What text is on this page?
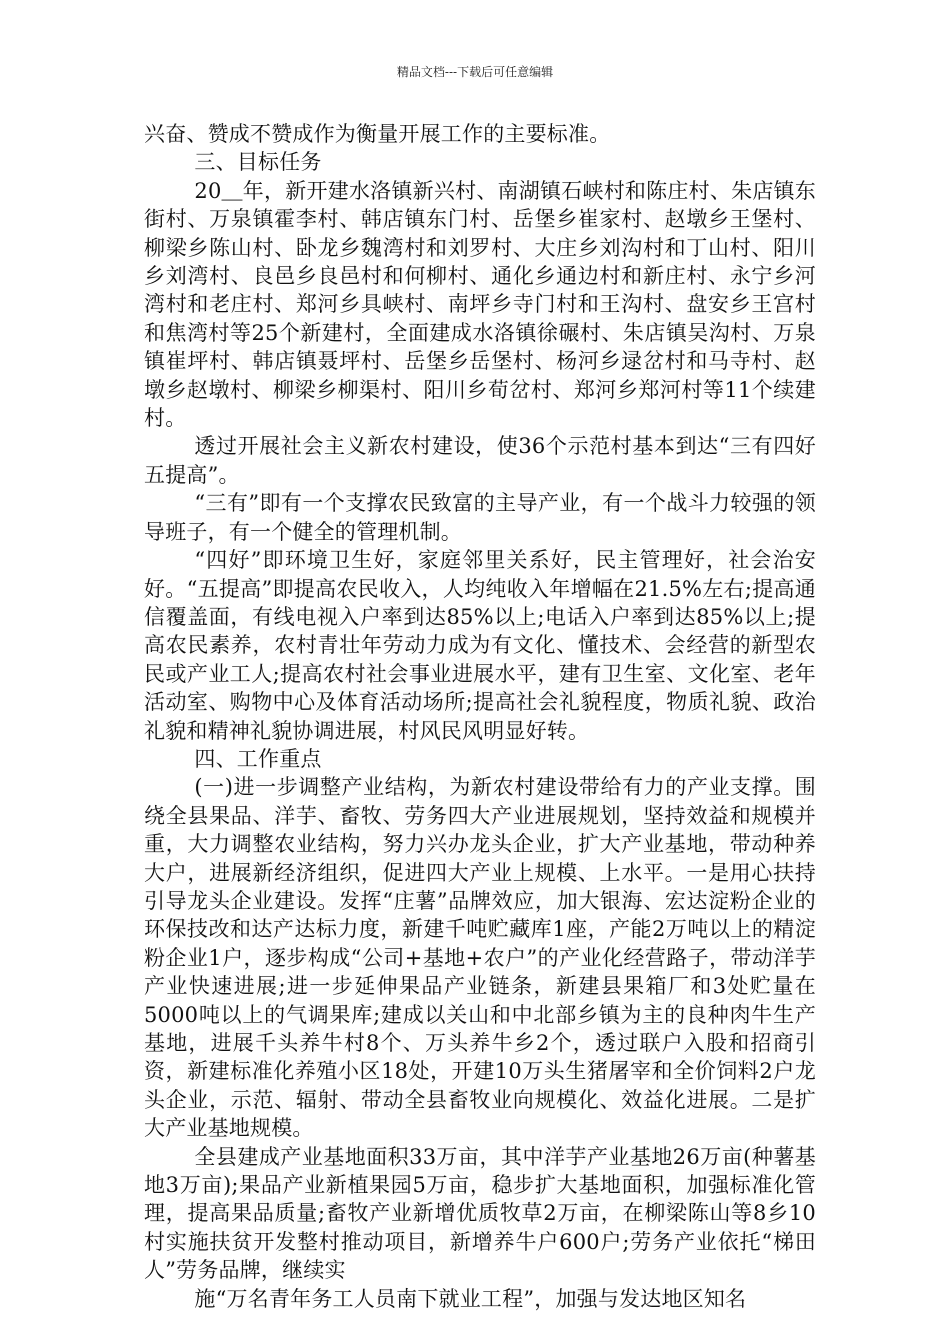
精品文档---下载后可任意编辑

兴奋、赞成不赞成作为衡量开展工作的主要标准。

三、目标任务

20＿年，新开建水洛镇新兴村、南湖镇石峡村和陈庄村、朱店镇东街村、万泉镇霍李村、韩店镇东门村、岳堡乡崔家村、赵墩乡王堡村、柳梁乡陈山村、卧龙乡魏湾村和刘罗村、大庄乡刘沟村和丁山村、阳川乡刘湾村、良邑乡良邑村和何柳村、通化乡通边村和新庄村、永宁乡河湾村和老庄村、郑河乡具峡村、南坪乡寺门村和王沟村、盘安乡王宫村和焦湾村等25个新建村，全面建成水洛镇徐碾村、朱店镇吴沟村、万泉镇崔坪村、韩店镇聂坪村、岳堡乡岳堡村、杨河乡逯岔村和马寺村、赵墩乡赵墩村、柳梁乡柳渠村、阳川乡荀岔村、郑河乡郑河村等11个续建村。

透过开展社会主义新农村建设，使36个示范村基本到达“三有四好五提高”。

“三有”即有一个支撑农民致富的主导产业，有一个战斗力较强的领导班子，有一个健全的管理机制。

“四好”即环境卫生好，家庭邻里关系好，民主管理好，社会治安好。“五提高”即提高农民收入，人均纯收入年增幅在21.5%左右;提高通信覆盖面，有线电视入户率到达85%以上;电话入户率到达85%以上;提高农民素养，农村青壮年劳动力成为有文化、懂技术、会经营的新型农民或产业工人;提高农村社会事业进展水平，建有卫生室、文化室、老年活动室、购物中心及体育活动场所;提高社会礼貌程度，物质礼貌、政治礼貌和精神礼貌协调进展，村风民风明显好转。

四、工作重点

(一)进一步调整产业结构，为新农村建设带给有力的产业支撑。围绕全县果品、洋芋、畜牧、劳务四大产业进展规划，坚持效益和规模并重，大力调整农业结构，努力兴办龙头企业，扩大产业基地，带动种养大户，进展新经济组织，促进四大产业上规模、上水平。一是用心扶持引导龙头企业建设。发挥“庄薯”品牌效应，加大银海、宏达淀粉企业的环保技改和达产达标力度，新建千吨贮藏库1座，产能2万吨以上的精淀粉企业1户，逐步构成“公司+基地+农户”的产业化经营路子，带动洋芋产业快速进展;进一步延伸果品产业链条，新建县果箱厂和3处贮量在5000吨以上的气调果库;建成以关山和中北部乡镇为主的良种肉牛生产基地，进展千头养牛村8个、万头养牛乡2个，透过联户入股和招商引资，新建标准化养殖小区18处，开建10万头生猪屠宰和全价饲料2户龙头企业，示范、辐射、带动全县畜牧业向规模化、效益化进展。二是扩大产业基地规模。

全县建成产业基地面积33万亩，其中洋芋产业基地26万亩(种薯基地3万亩);果品产业新植果园5万亩，稳步扩大基地面积，加强标准化管理，提高果品质量;畜牧产业新增优质牧草2万亩，在柳梁陈山等8乡10村实施扶贫开发整村推动项目，新增养牛户600户;劳务产业依托“梯田人”劳务品牌，继续实

施“万名青年务工人员南下就业工程”，加强与发达地区知名
